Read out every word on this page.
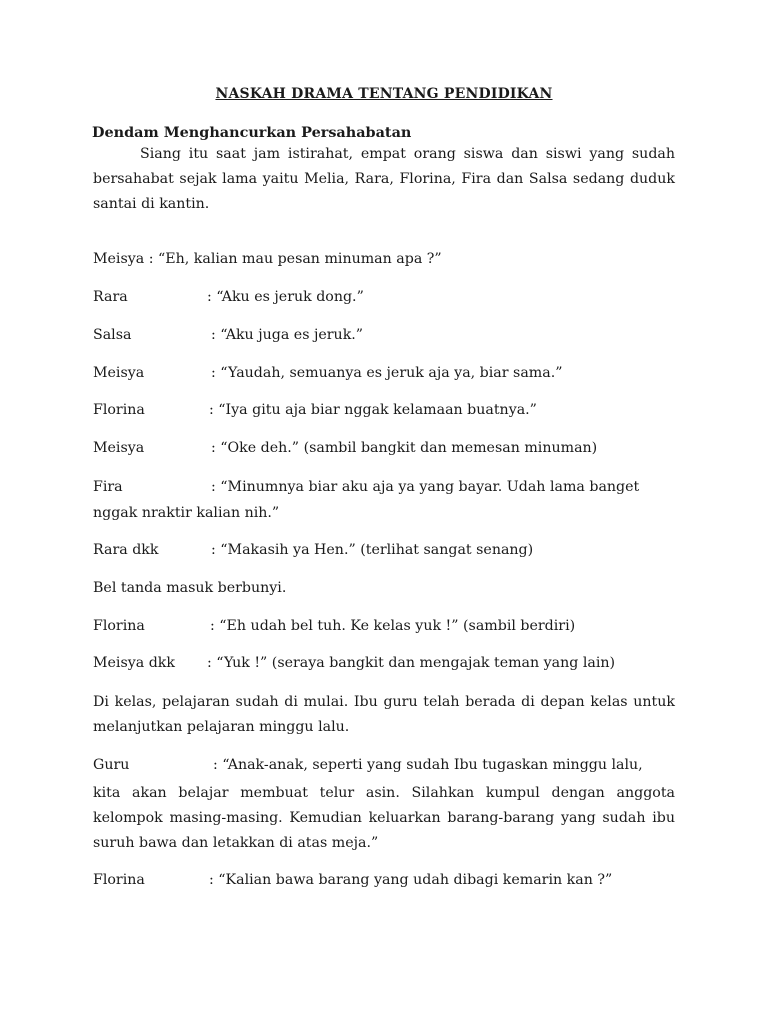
NASKAH DRAMA TENTANG PENDIDIKAN
Dendam Menghancurkan Persahabatan
Siang itu saat jam istirahat, empat orang siswa dan siswi yang sudah bersahabat sejak lama yaitu Melia, Rara, Florina, Fira dan Salsa sedang duduk santai di kantin.
Meisya : “Eh, kalian mau pesan minuman apa ?”
Rara	: “Aku es jeruk dong.”
Salsa	: “Aku juga es jeruk.”
Meisya	: “Yaudah, semuanya es jeruk aja ya, biar sama.”
Florina	: “Iya gitu aja biar nggak kelamaan buatnya.”
Meisya	: “Oke deh.” (sambil bangkit dan memesan minuman)
Fira	: “Minumnya biar aku aja ya yang bayar. Udah lama banget
nggak nraktir kalian nih.”
Rara dkk	: “Makasih ya Hen.” (terlihat sangat senang)
Bel tanda masuk berbunyi.
Florina	: “Eh udah bel tuh. Ke kelas yuk !” (sambil berdiri)
Meisya dkk : “Yuk !” (seraya bangkit dan mengajak teman yang lain)
Di kelas, pelajaran sudah di mulai. Ibu guru telah berada di depan kelas untuk melanjutkan pelajaran minggu lalu.
Guru	: “Anak-anak, seperti yang sudah Ibu tugaskan minggu lalu,
kita akan belajar membuat telur asin. Silahkan kumpul dengan anggota kelompok masing-masing. Kemudian keluarkan barang-barang yang sudah ibu suruh bawa dan letakkan di atas meja.”
Florina	: “Kalian bawa barang yang udah dibagi kemarin kan ?”
